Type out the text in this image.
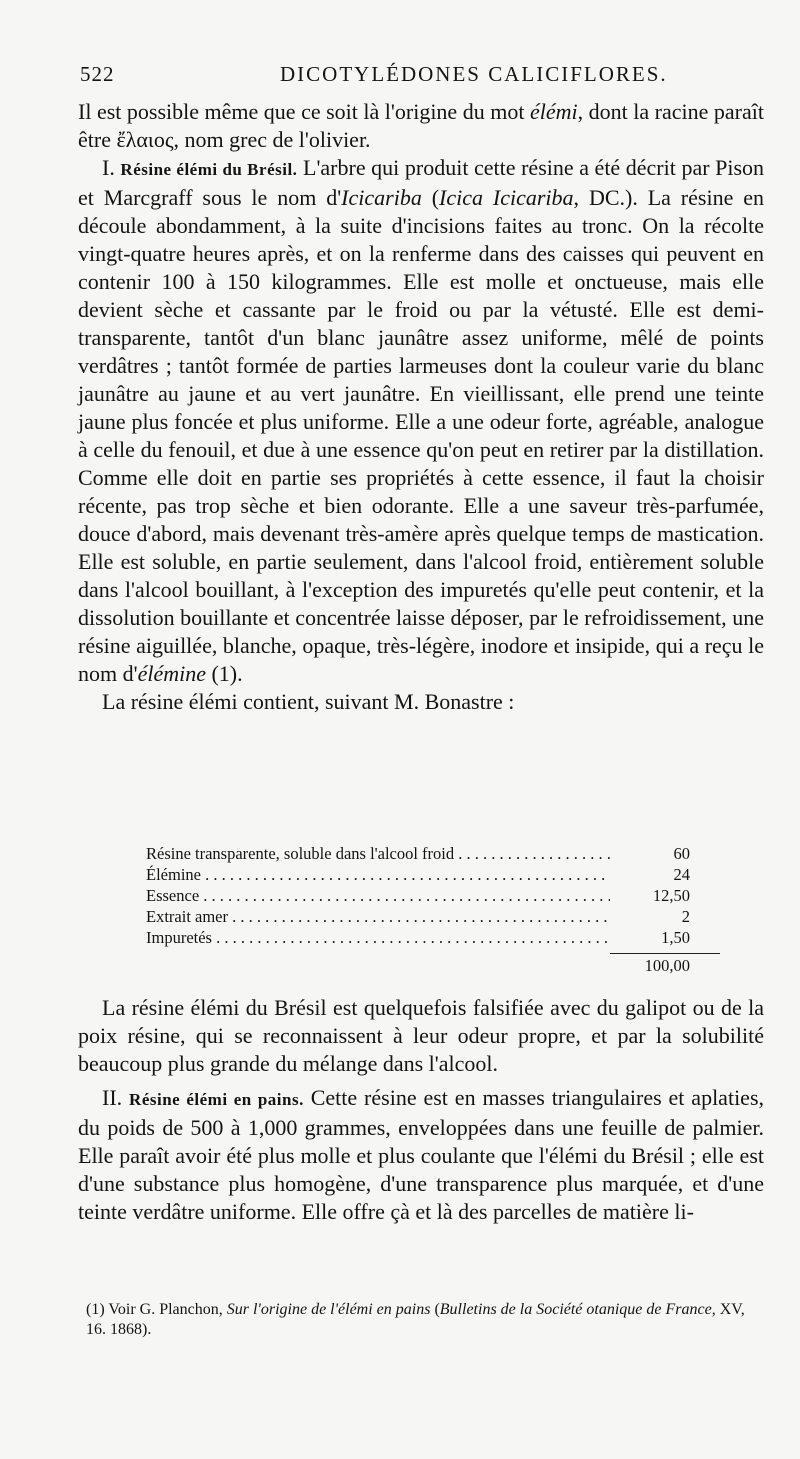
522	DICOTYLÉDONES CALICIFLORES.

Il est possible même que ce soit là l'origine du mot élémi, dont la racine paraît être ἔλαιος, nom grec de l'olivier.

I. Résine élémi du Brésil. L'arbre qui produit cette résine a été décrit par Pison et Marcgraff sous le nom d'Icicariba (Icica Icicariba, DC.). La résine en découle abondamment, à la suite d'incisions faites au tronc. On la récolte vingt-quatre heures après, et on la renferme dans des caisses qui peuvent en contenir 100 à 150 kilogrammes. Elle est molle et onctueuse, mais elle devient sèche et cassante par le froid ou par la vétusté. Elle est demi-transparente, tantôt d'un blanc jaunâtre assez uniforme, mêlé de points verdâtres ; tantôt formée de parties larmeuses dont la couleur varie du blanc jaunâtre au jaune et au vert jaunâtre. En vieillissant, elle prend une teinte jaune plus foncée et plus uniforme. Elle a une odeur forte, agréable, analogue à celle du fenouil, et due à une essence qu'on peut en retirer par la distillation. Comme elle doit en partie ses propriétés à cette essence, il faut la choisir récente, pas trop sèche et bien odorante. Elle a une saveur très-parfumée, douce d'abord, mais devenant très-amère après quelque temps de mastication. Elle est soluble, en partie seulement, dans l'alcool froid, entièrement soluble dans l'alcool bouillant, à l'exception des impuretés qu'elle peut contenir, et la dissolution bouillante et concentrée laisse déposer, par le refroidissement, une résine aiguillée, blanche, opaque, très-légère, inodore et insipide, qui a reçu le nom d'élémine (1).

La résine élémi contient, suivant M. Bonastre :

Résine transparente, soluble dans l'alcool froid . . .	60
Élémine . . .	24
Essence . . .	12,50
Extrait amer . . .	2
Impuretés . . .	1,50
100,00

La résine élémi du Brésil est quelquefois falsifiée avec du galipot ou de la poix résine, qui se reconnaissent à leur odeur propre, et par la solubilité beaucoup plus grande du mélange dans l'alcool.

II. Résine élémi en pains. Cette résine est en masses triangulaires et aplaties, du poids de 500 à 1,000 grammes, enveloppées dans une feuille de palmier. Elle paraît avoir été plus molle et plus coulante que l'élémi du Brésil ; elle est d'une substance plus homogène, d'une transparence plus marquée, et d'une teinte verdâtre uniforme. Elle offre çà et là des parcelles de matière li-

(1) Voir G. Planchon, Sur l'origine de l'élémi en pains (Bulletins de la Société otanique de France, XV, 16. 1868).
